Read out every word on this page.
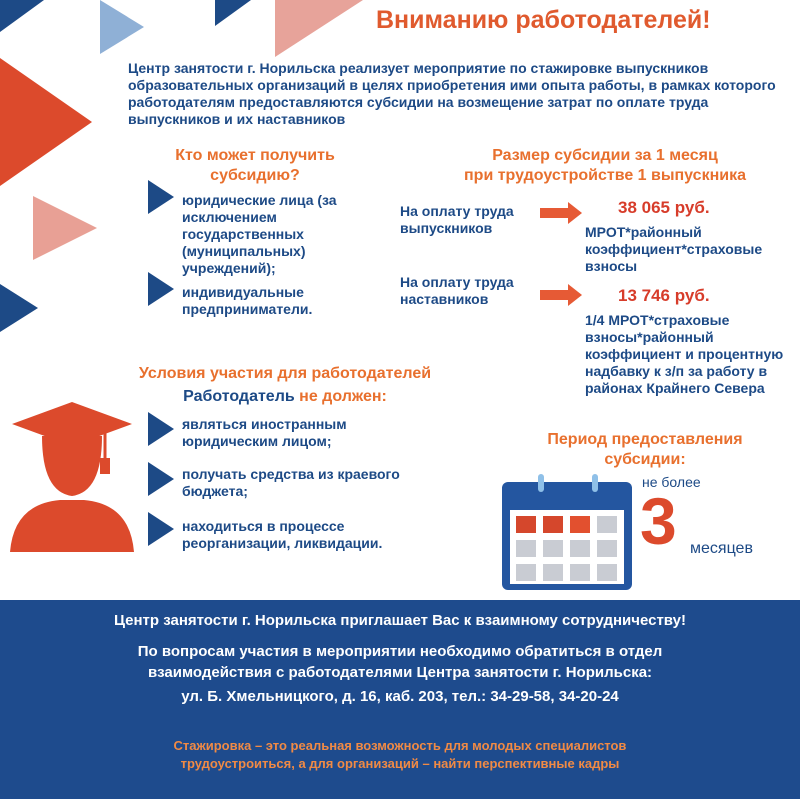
Вниманию работодателей!
Центр занятости г. Норильска реализует мероприятие по стажировке выпускников образовательных организаций в целях приобретения ими опыта работы, в рамках которого работодателям предоставляются субсидии на возмещение затрат по оплате труда выпускников и их наставников
Кто может получить
субсидию?
юридические лица (за исключением государственных (муниципальных) учреждений);
индивидуальные предприниматели.
Размер субсидии за 1 месяц
при трудоустройстве 1 выпускника
На оплату труда выпускников
38 065 руб.
МРОТ*районный коэффициент*страховые взносы
На оплату труда наставников	13 746 руб.
1/4 МРОТ*страховые взносы*районный коэффициент и процентную надбавку к з/п за работу в районах Крайнего Севера
Условия участия для работодателей
Работодатель не должен:
являться иностранным юридическим лицом;
получать средства из краевого бюджета;
находиться в процессе реорганизации, ликвидации.
Период предоставления
субсидии:
не более
3 месяцев
Центр занятости г. Норильска приглашает Вас к взаимному сотрудничеству!
По вопросам участия в мероприятии необходимо обратиться в отдел
взаимодействия с работодателями Центра занятости г. Норильска:
ул. Б. Хмельницкого, д. 16, каб. 203, тел.: 34-29-58, 34-20-24
Стажировка – это реальная возможность для молодых специалистов
трудоустроиться, а для организаций – найти перспективные кадры
